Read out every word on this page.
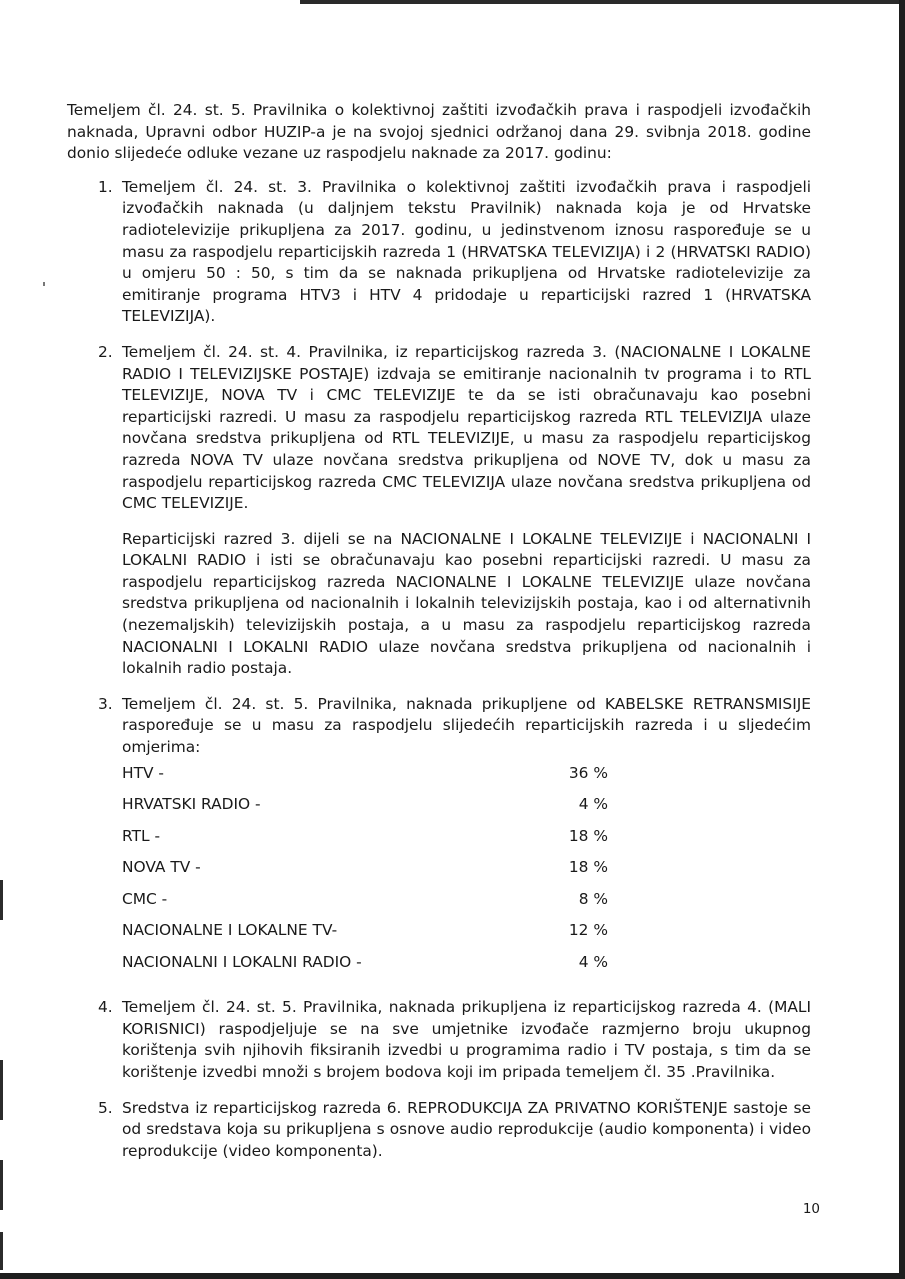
Temeljem čl. 24. st. 5. Pravilnika o kolektivnoj zaštiti izvođačkih prava i raspodjeli izvođačkih naknada, Upravni odbor HUZIP-a je na svojoj sjednici održanoj dana 29. svibnja 2018. godine donio slijedeće odluke vezane uz raspodjelu naknade za 2017. godinu:

1. Temeljem čl. 24. st. 3. Pravilnika o kolektivnoj zaštiti izvođačkih prava i raspodjeli izvođačkih naknada (u daljnjem tekstu Pravilnik) naknada koja je od Hrvatske radiotelevizije prikupljena za 2017. godinu, u jedinstvenom iznosu raspoređuje se u masu za raspodjelu reparticijskih razreda 1 (HRVATSKA TELEVIZIJA) i 2 (HRVATSKI RADIO) u omjeru 50 : 50, s tim da se naknada prikupljena od Hrvatske radiotelevizije za emitiranje programa HTV3 i HTV 4 pridodaje u reparticijski razred 1 (HRVATSKA TELEVIZIJA).

2. Temeljem čl. 24. st. 4. Pravilnika, iz reparticijskog razreda 3. (NACIONALNE I LOKALNE RADIO I TELEVIZIJSKE POSTAJE) izdvaja se emitiranje nacionalnih tv programa i to RTL TELEVIZIJE, NOVA TV i CMC TELEVIZIJE te da se isti obračunavaju kao posebni reparticijski razredi. U masu za raspodjelu reparticijskog razreda RTL TELEVIZIJA ulaze novčana sredstva prikupljena od RTL TELEVIZIJE, u masu za raspodjelu reparticijskog razreda NOVA TV ulaze novčana sredstva prikupljena od NOVE TV, dok u masu za raspodjelu reparticijskog razreda CMC TELEVIZIJA ulaze novčana sredstva prikupljena od CMC TELEVIZIJE.

Reparticijski razred 3. dijeli se na NACIONALNE I LOKALNE TELEVIZIJE i NACIONALNI I LOKALNI RADIO i isti se obračunavaju kao posebni reparticijski razredi. U masu za raspodjelu reparticijskog razreda NACIONALNE I LOKALNE TELEVIZIJE ulaze novčana sredstva prikupljena od nacionalnih i lokalnih televizijskih postaja, kao i od alternativnih (nezemaljskih) televizijskih postaja, a u masu za raspodjelu reparticijskog razreda NACIONALNI I LOKALNI RADIO ulaze novčana sredstva prikupljena od nacionalnih i lokalnih radio postaja.

3. Temeljem čl. 24. st. 5. Pravilnika, naknada prikupljene od KABELSKE RETRANSMISIJE raspoređuje se u masu za raspodjelu slijedećih reparticijskih razreda i u sljedećim omjerima:

HTV -	36 %
HRVATSKI RADIO -	4 %
RTL -	18 %
NOVA TV -	18 %
CMC -	8 %
NACIONALNE I LOKALNE TV-	12 %
NACIONALNI I LOKALNI RADIO -	4 %
4. Temeljem čl. 24. st. 5. Pravilnika, naknada prikupljena iz reparticijskog razreda 4. (MALI KORISNICI) raspodjeljuje se na sve umjetnike izvođače razmjerno broju ukupnog korištenja svih njihovih fiksiranih izvedbi u programima radio i TV postaja, s tim da se korištenje izvedbi množi s brojem bodova koji im pripada temeljem čl. 35 .Pravilnika.

5. Sredstva iz reparticijskog razreda 6. REPRODUKCIJA ZA PRIVATNO KORIŠTENJE sastoje se od sredstava koja su prikupljena s osnove audio reprodukcije (audio komponenta) i video reprodukcije (video komponenta).

10
